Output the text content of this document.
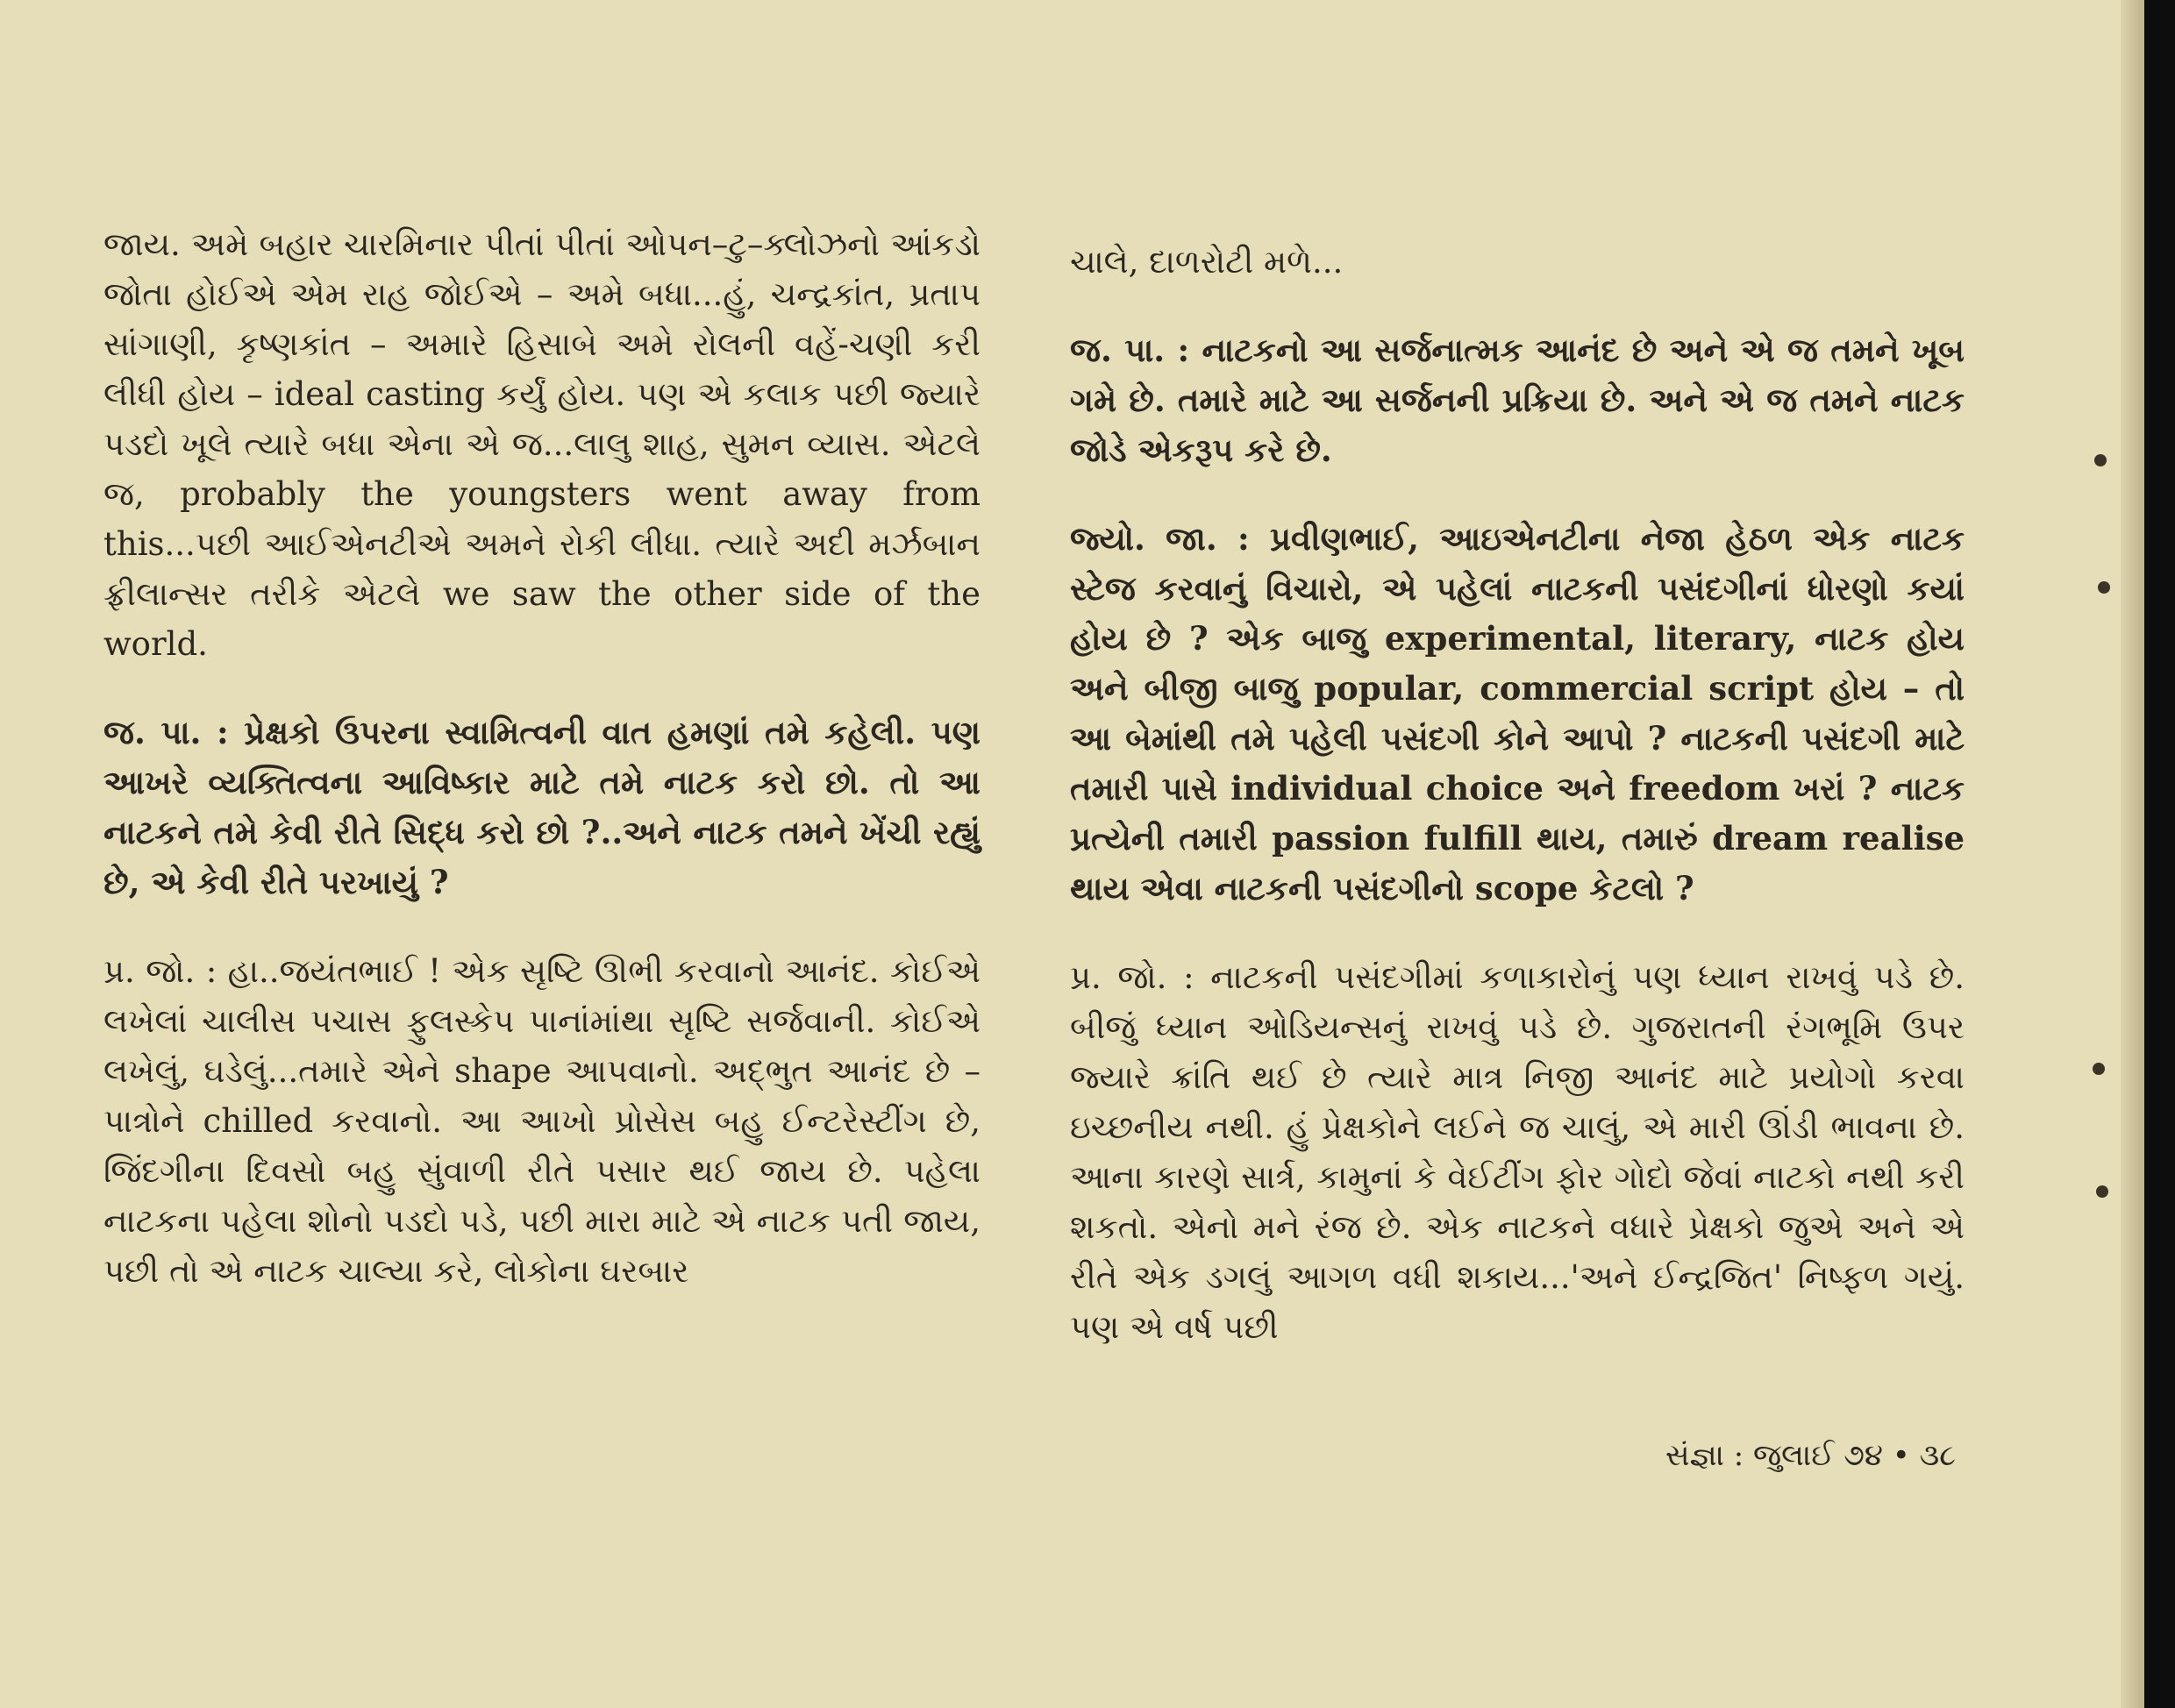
જાય. અમે બહાર ચારમિનાર પીતાં પીતાં ઓપન–ટુ–ક્લોઝનો આંકડો જોતા હોઈએ એમ રાહ જોઈએ – અમે બધા...હું, ચન્દ્રકાંત, પ્રતાપ સાંગાણી, કૃષ્ણકાંત – અમારે હિસાબે અમે રોલની વહેં-ચણી કરી લીધી હોય – ideal casting કર્યું હોય. પણ એ કલાક પછી જ્યારે પડદો ખૂલે ત્યારે બધા એના એ જ...લાલુ શાહ, સુમન વ્યાસ. એટલે જ, probably the youngsters went away from this...પછી આઈએનટીએ અમને રોકી લીધા. ત્યારે અદી મર્ઝબાન ફ્રીલાન્સર તરીકે એટલે we saw the other side of the world.

જ. પા. : પ્રેક્ષકો ઉપરના સ્વામિત્વની વાત હમણાં તમે કહેલી. પણ આખરે વ્યક્તિત્વના આવિષ્કાર માટે તમે નાટક કરો છો. તો આ નાટકને તમે કેવી રીતે સિદ્ધ કરો છો ?..અને નાટક તમને ખેંચી રહ્યું છે, એ કેવી રીતે પરખાયું ?

પ્ર. જો. : હા..જયંતભાઈ ! એક સૃષ્ટિ ઊભી કરવાનો આનંદ. કોઈએ લખેલાં ચાલીસ પચાસ ફુલસ્કેપ પાનાંમાંથા સૃષ્ટિ સર્જવાની. કોઈએ લખેલું, ઘડેલું...તમારે એને shape આપવાનો. અદ્ભુત આનંદ છે – પાત્રોને chilled કરવાનો. આ આખો પ્રોસેસ બહુ ઈન્ટરેસ્ટીંગ છે, જિંદગીના દિવસો બહુ સુંવાળી રીતે પસાર થઈ જાય છે. પહેલા નાટકના પહેલા શોનો પડદો પડે, પછી મારા માટે એ નાટક પતી જાય, પછી તો એ નાટક ચાલ્યા કરે, લોકોના ઘરબાર

ચાલે, દાળરોટી મળે...

જ. પા. : નાટકનો આ સર્જનાત્મક આનંદ છે અને એ જ તમને ખૂબ ગમે છે. તમારે માટે આ સર્જનની પ્રક્રિયા છે. અને એ જ તમને નાટક જોડે એકરૂપ કરે છે.

જ્યો. જા. : પ્રવીણભાઈ, આઇએનટીના નેજા હેઠળ એક નાટક સ્ટેજ કરવાનું વિચારો, એ પહેલાં નાટકની પસંદગીનાં ધોરણો કયાં હોય છે ? એક બાજુ experimental, literary, નાટક હોય અને બીજી બાજુ popular, commercial script હોય – તો આ બેમાંથી તમે પહેલી પસંદગી કોને આપો ? નાટકની પસંદગી માટે તમારી પાસે individual choice અને freedom ખરાં ? નાટક પ્રત્યેની તમારી passion fulfill થાય, તમારું dream realise થાય એવા નાટકની પસંદગીનો scope કેટલો ?

પ્ર. જો. : નાટકની પસંદગીમાં કળાકારોનું પણ ધ્યાન રાખવું પડે છે. બીજું ધ્યાન ઓડિયન્સનું રાખવું પડે છે. ગુજરાતની રંગભૂમિ ઉપર જ્યારે ક્રાંતિ થઈ છે ત્યારે માત્ર નિજી આનંદ માટે પ્રયોગો કરવા ઇચ્છનીય નથી. હું પ્રેક્ષકોને લઈને જ ચાલું, એ મારી ઊંડી ભાવના છે. આના કારણે સાર્ત્ર, કામુનાં કે વેઈટીંગ ફોર ગોદો જેવાં નાટકો નથી કરી શકતો. એનો મને રંજ છે. એક નાટકને વધારે પ્રેક્ષકો જુએ અને એ રીતે એક ડગલું આગળ વધી શકાય...'અને ઈન્દ્રજિત' નિષ્ફળ ગયું. પણ એ વર્ષ પછી

સંજ્ઞા : જુલાઈ ૭૪ • ૩૮
